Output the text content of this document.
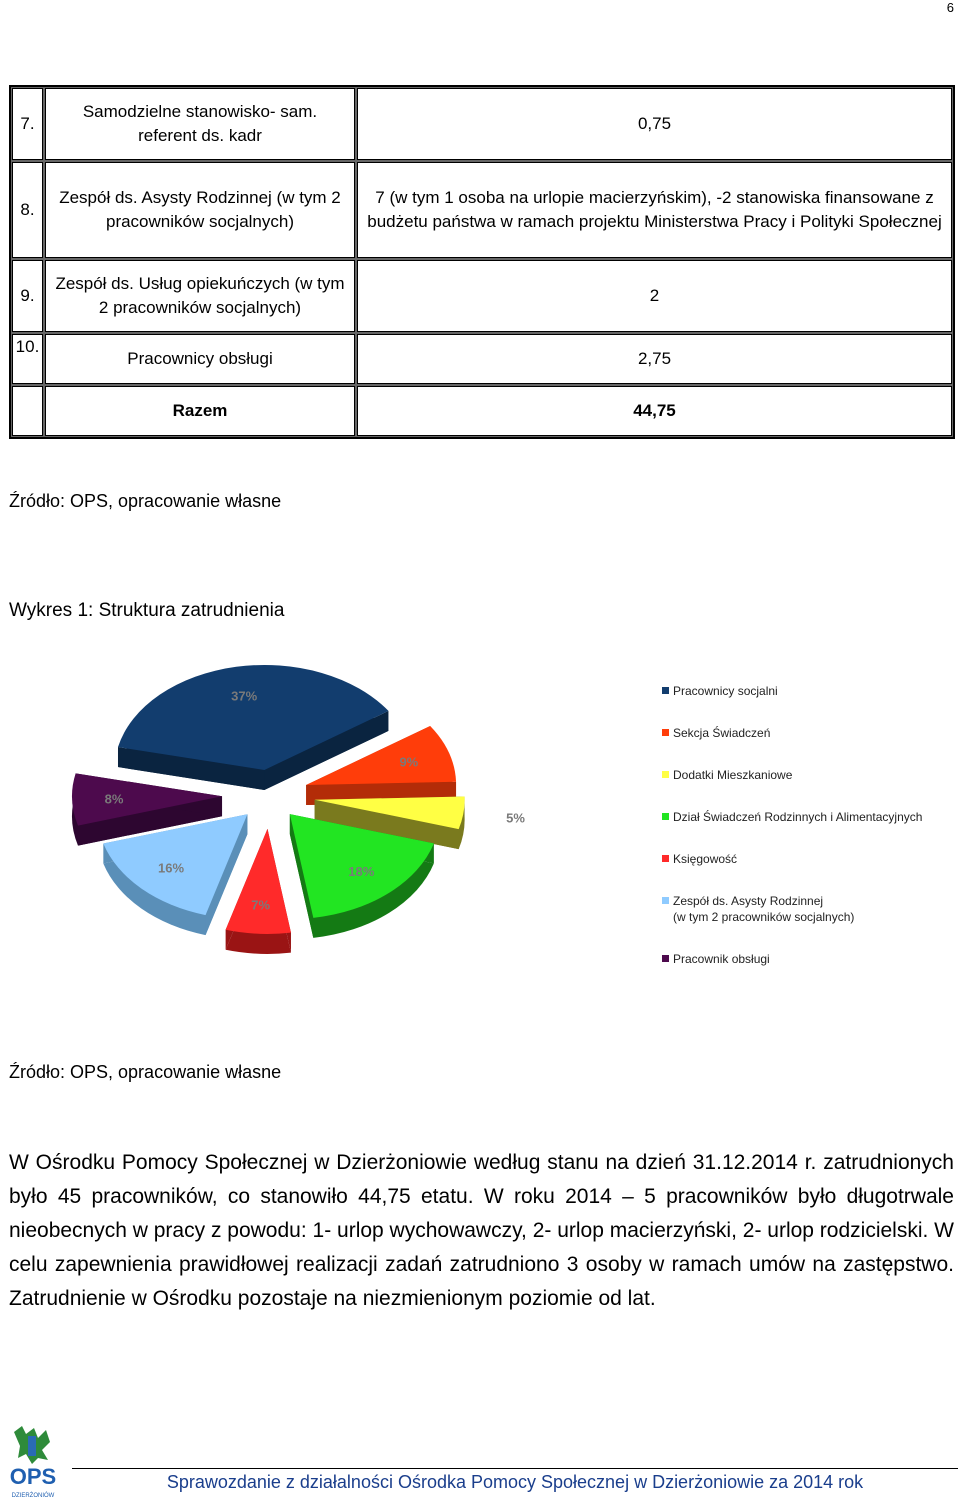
6
7.	Samodzielne stanowisko- sam. referent ds. kadr	0,75
8.	Zespół ds. Asysty Rodzinnej (w tym 2 pracowników socjalnych)	7 (w tym 1 osoba na urlopie macierzyńskim), -2 stanowiska finansowane z budżetu państwa w ramach projektu Ministerstwa Pracy i Polityki Społecznej
9.	Zespół ds. Usług opiekuńczych (w tym 2 pracowników socjalnych)	2
10.	Pracownicy obsługi	2,75
	Razem	44,75
Źródło: OPS, opracowanie własne
Wykres 1: Struktura zatrudnienia
37%
9%
5%
18%
7%
16%
8%
Pracownicy socjalni
Sekcja Świadczeń
Dodatki Mieszkaniowe
Dział Świadczeń Rodzinnych i Alimentacyjnych
Księgowość
Zespół ds. Asysty Rodzinnej
(w tym 2 pracowników socjalnych)
Pracownik obsługi
Źródło: OPS, opracowanie własne
W Ośrodku Pomocy Społecznej w Dzierżoniowie według stanu na dzień 31.12.2014 r. zatrudnionych było 45 pracowników, co stanowiło 44,75 etatu. W roku 2014 – 5 pracowników było długotrwale nieobecnych w pracy z powodu: 1- urlop wychowawczy, 2- urlop macierzyński, 2- urlop rodzicielski. W celu zapewnienia prawidłowej realizacji zadań zatrudniono 3 osoby w ramach umów na zastępstwo. Zatrudnienie w Ośrodku pozostaje na niezmienionym poziomie od lat.
OPS
DZIERŻONIÓW
Sprawozdanie z działalności Ośrodka Pomocy Społecznej w Dzierżoniowie za 2014 rok
